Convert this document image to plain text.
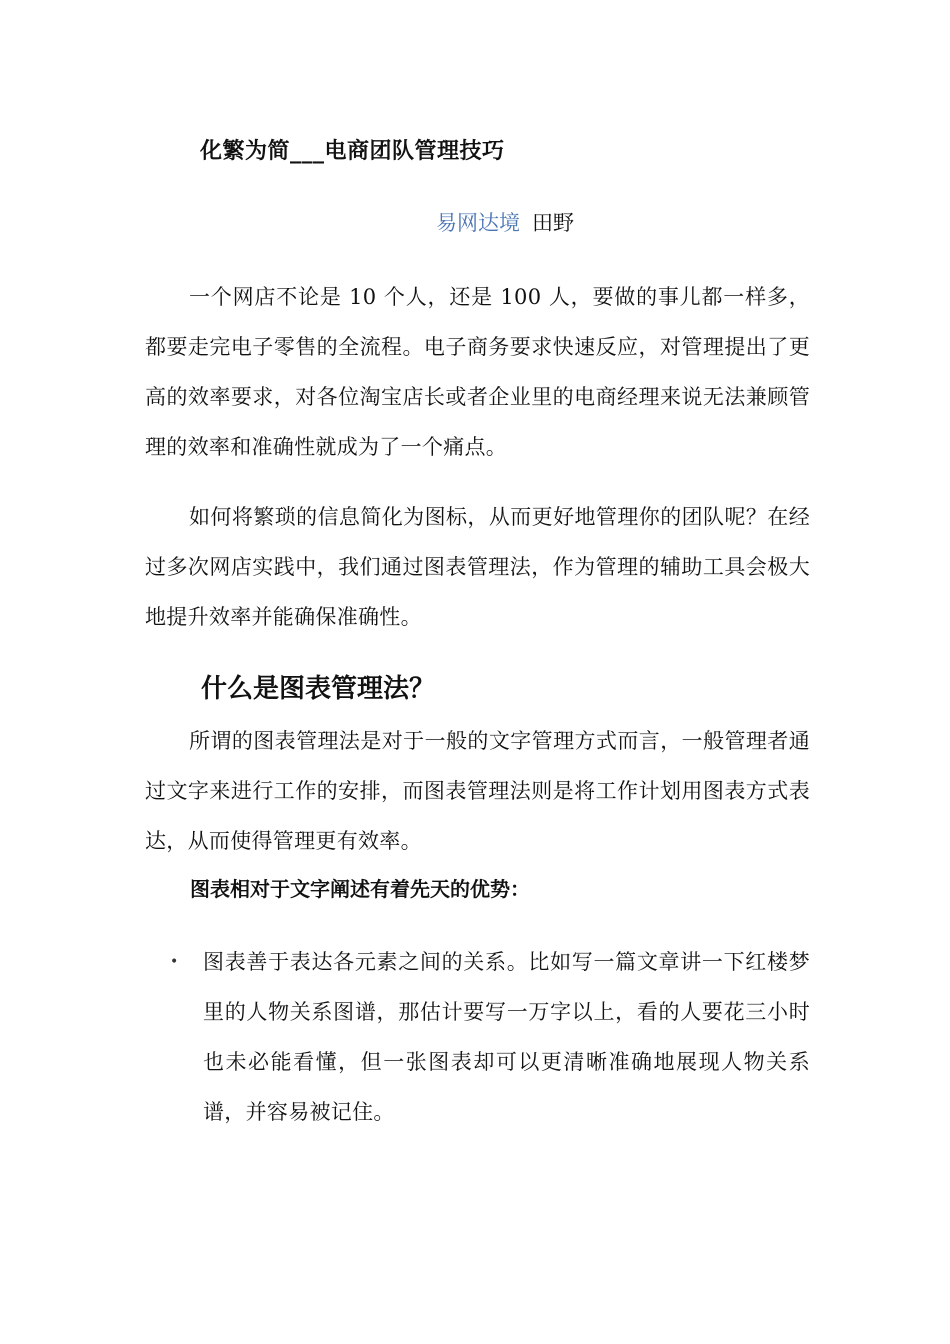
化繁为简___电商团队管理技巧
易网达境 田野

一个网店不论是 10 个人，还是 100 人，要做的事儿都一样多，都要走完电子零售的全流程。电子商务要求快速反应，对管理提出了更高的效率要求，对各位淘宝店长或者企业里的电商经理来说无法兼顾管理的效率和准确性就成为了一个痛点。

如何将繁琐的信息简化为图标，从而更好地管理你的团队呢？在经过多次网店实践中，我们通过图表管理法，作为管理的辅助工具会极大地提升效率并能确保准确性。

什么是图表管理法？

所谓的图表管理法是对于一般的文字管理方式而言，一般管理者通过文字来进行工作的安排，而图表管理法则是将工作计划用图表方式表达，从而使得管理更有效率。

图表相对于文字阐述有着先天的优势：
• 图表善于表达各元素之间的关系。比如写一篇文章讲一下红楼梦里的人物关系图谱，那估计要写一万字以上，看的人要花三小时也未必能看懂，但一张图表却可以更清晰准确地展现人物关系谱，并容易被记住。
